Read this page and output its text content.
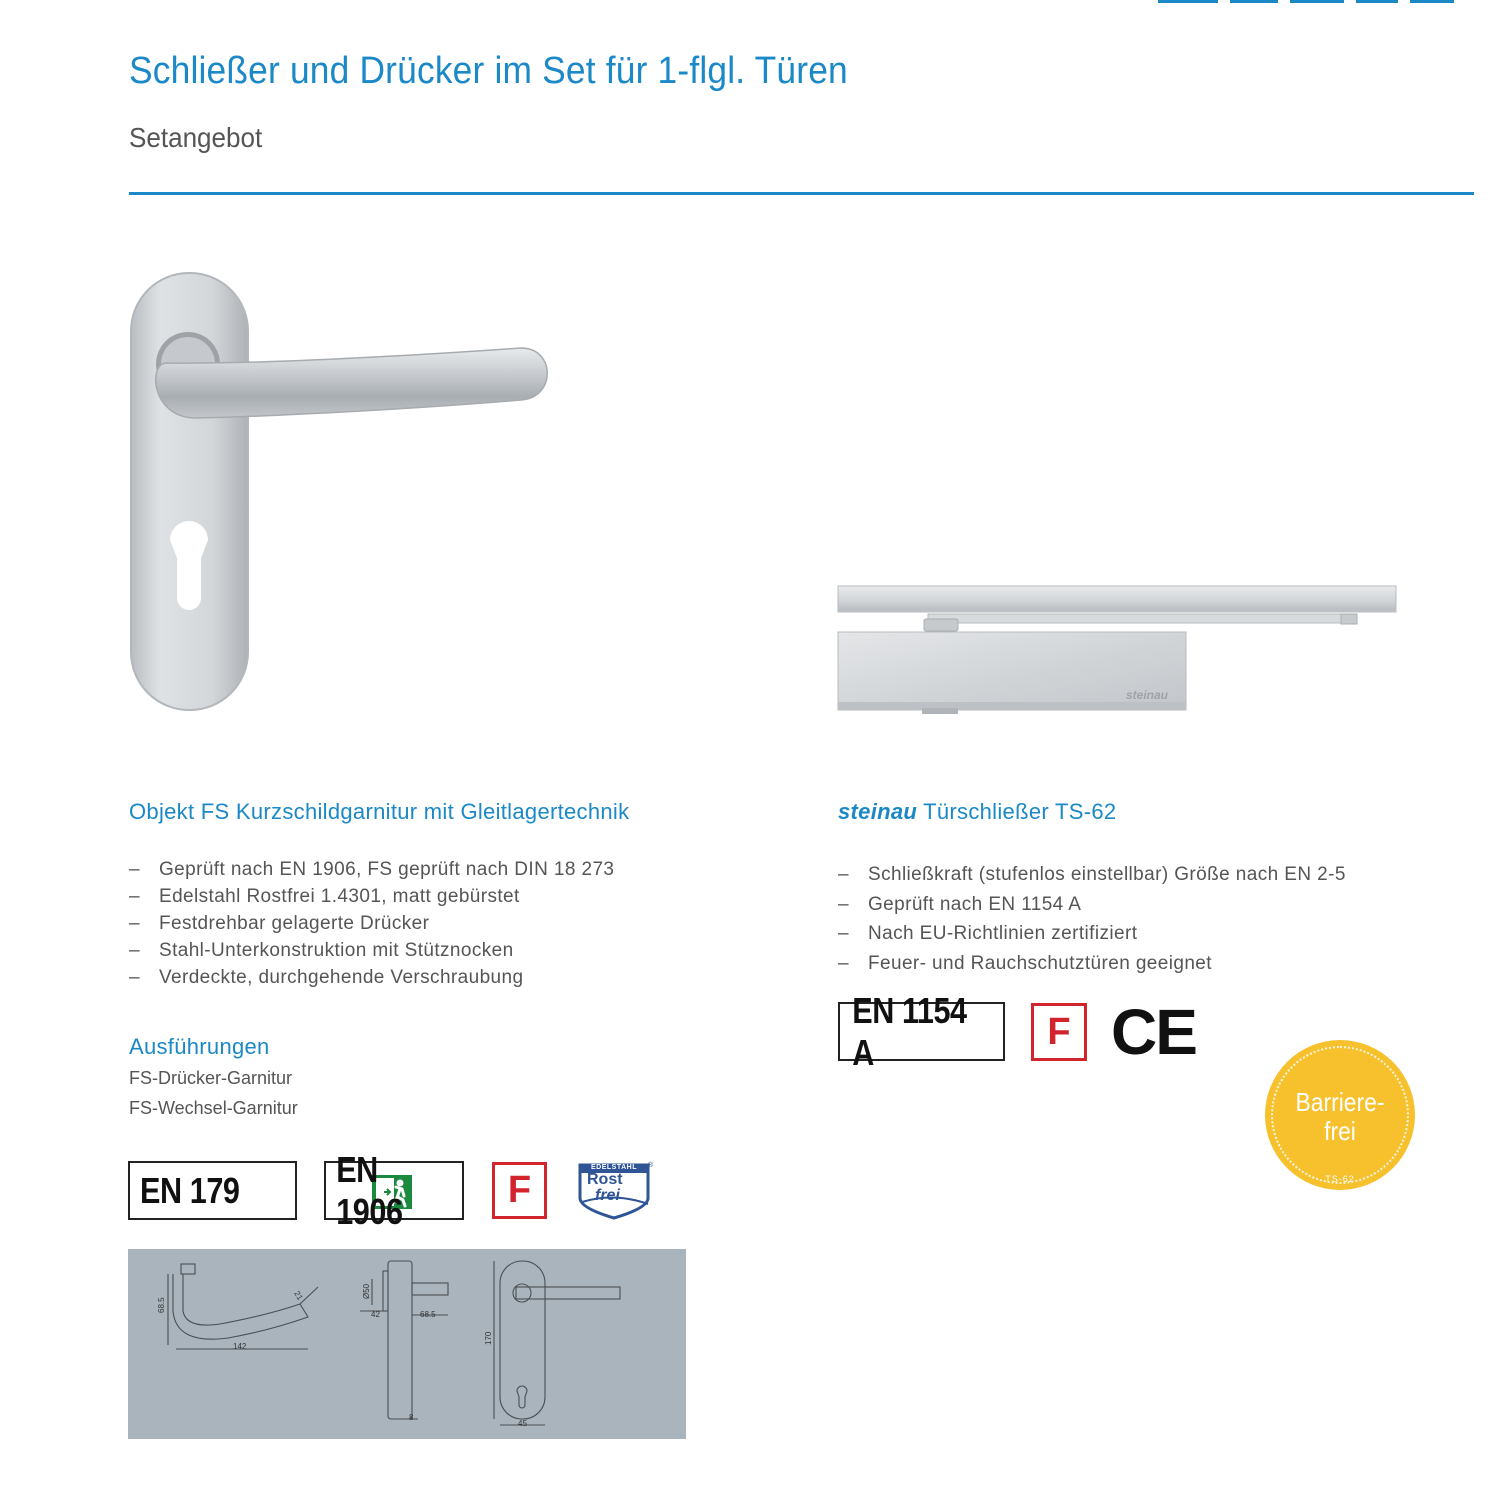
Schließer und Drücker im Set für 1-flgl. Türen
Setangebot
steinau
Objekt FS Kurzschildgarnitur mit Gleitlagertechnik
– Geprüft nach EN 1906, FS geprüft nach DIN 18 273
– Edelstahl Rostfrei 1.4301, matt gebürstet
– Festdrehbar gelagerte Drücker
– Stahl-Unterkonstruktion mit Stütznocken
– Verdeckte, durchgehende Verschraubung
Ausführungen
FS-Drücker-Garnitur
FS-Wechsel-Garnitur
EN 179
EN 1906	F
EDELSTAHL
Rost
frei
®
68.5
142
21	Ø50
42	68.5
8
170
45
steinau Türschließer TS-62
– Schließkraft (stufenlos einstellbar) Größe nach EN 2-5
– Geprüft nach EN 1154 A
– Nach EU-Richtlinien zertifiziert
– Feuer- und Rauchschutztüren geeignet
EN 1154 A	F CE
Barriere-
frei
TS-62
